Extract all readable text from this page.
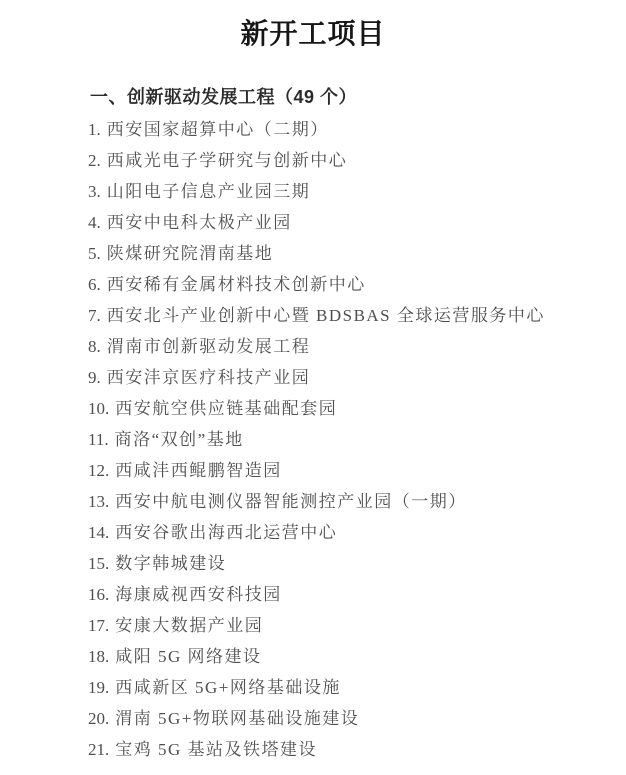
新开工项目
一、创新驱动发展工程（49 个）
1. 西安国家超算中心（二期）
2. 西咸光电子学研究与创新中心
3. 山阳电子信息产业园三期
4. 西安中电科太极产业园
5. 陕煤研究院渭南基地
6. 西安稀有金属材料技术创新中心
7. 西安北斗产业创新中心暨 BDSBAS 全球运营服务中心
8. 渭南市创新驱动发展工程
9. 西安沣京医疗科技产业园
10. 西安航空供应链基础配套园
11. 商洛“双创”基地
12. 西咸沣西鲲鹏智造园
13. 西安中航电测仪器智能测控产业园（一期）
14. 西安谷歌出海西北运营中心
15. 数字韩城建设
16. 海康威视西安科技园
17. 安康大数据产业园
18. 咸阳 5G 网络建设
19. 西咸新区 5G+网络基础设施
20. 渭南 5G+物联网基础设施建设
21. 宝鸡 5G 基站及铁塔建设
